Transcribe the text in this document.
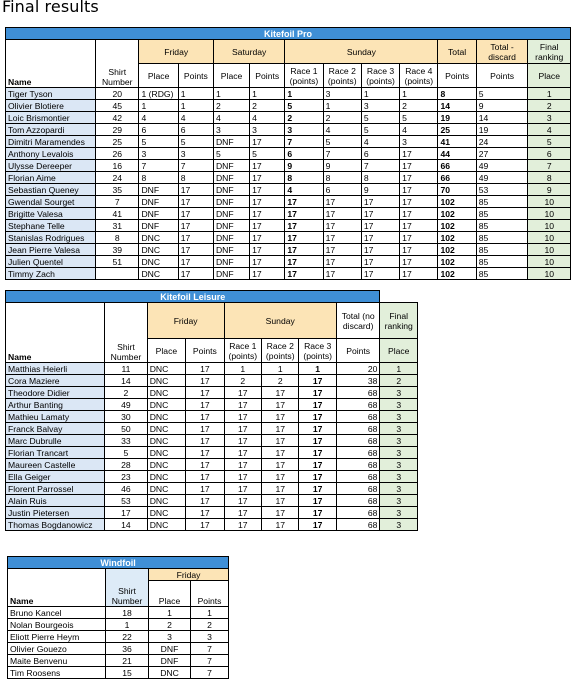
Final results
Kitefoil Pro												
Name	Shirt Number	Friday		Saturday		Sunday				Total	Total - discard	Final ranking
		Place	Points	Place	Points	Race 1 (points)	Race 2 (points)	Race 3 (points)	Race 4 (points)	Points	Points	Place
Tiger Tyson	20	1 (RDG)	1	1	1	1	3	1	1	8	5	1
Olivier Blotiere	45	1	1	2	2	5	1	3	2	14	9	2
Loic Brismontier	42	4	4	4	4	2	2	5	5	19	14	3
Tom Azzopardi	29	6	6	3	3	3	4	5	4	25	19	4
Dimitri Maramendes	25	5	5	DNF	17	7	5	4	3	41	24	5
Anthony Levalois	26	3	3	5	5	6	7	6	17	44	27	6
Ulysse Dereeper	16	7	7	DNF	17	9	9	7	17	66	49	7
Florian Aime	24	8	8	DNF	17	8	8	8	17	66	49	8
Sebastian Queney	35	DNF	17	DNF	17	4	6	9	17	70	53	9
Gwendal Sourget	7	DNF	17	DNF	17	17	17	17	17	102	85	10
Brigitte Valesa	41	DNF	17	DNF	17	17	17	17	17	102	85	10
Stephane Telle	31	DNF	17	DNF	17	17	17	17	17	102	85	10
Stanislas Rodrigues	8	DNC	17	DNF	17	17	17	17	17	102	85	10
Jean Pierre Valesa	39	DNC	17	DNF	17	17	17	17	17	102	85	10
Julien Quentel	51	DNC	17	DNF	17	17	17	17	17	102	85	10
Timmy Zach		DNC	17	DNF	17	17	17	17	17	102	85	10
Kitefoil Leisure								
Name	Shirt Number	Friday		Sunday			Total (no discard)	Final ranking
		Place	Points	Race 1 (points)	Race 2 (points)	Race 3 (points)	Points	Place
Matthias Heierli	11	DNC	17	1	1	1	20	1
Cora Maziere	14	DNC	17	2	2	17	38	2
Theodore Didier	2	DNC	17	17	17	17	68	3
Arthur Banting	49	DNC	17	17	17	17	68	3
Mathieu Lamaty	30	DNC	17	17	17	17	68	3
Franck Balvay	50	DNC	17	17	17	17	68	3
Marc Dubrulle	33	DNC	17	17	17	17	68	3
Florian Trancart	5	DNC	17	17	17	17	68	3
Maureen Castelle	28	DNC	17	17	17	17	68	3
Ella Geiger	23	DNC	17	17	17	17	68	3
Florent Parrossel	46	DNC	17	17	17	17	68	3
Alain Ruis	53	DNC	17	17	17	17	68	3
Justin Pietersen	17	DNC	17	17	17	17	68	3
Thomas Bogdanowicz	14	DNC	17	17	17	17	68	3
Windfoil			
Name	Shirt Number	Friday	
		Place	Points
Bruno Kancel	18	1	1
Nolan Bourgeois	1	2	2
Eliott Pierre Heym	22	3	3
Olivier Gouezo	36	DNF	7
Maite Benvenu	21	DNF	7
Tim Roosens	15	DNC	7
